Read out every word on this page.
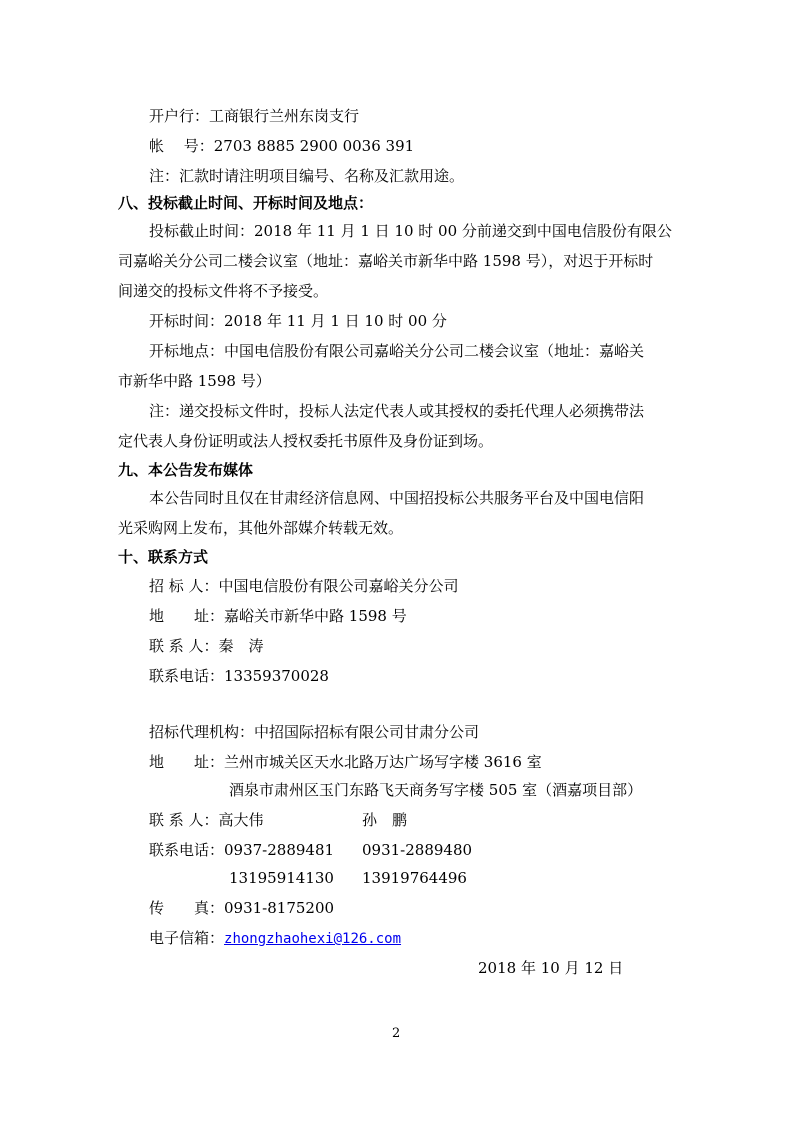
开户行：工商银行兰州东岗支行
帐　 号：2703 8885 2900 0036 391
注：汇款时请注明项目编号、名称及汇款用途。
八、投标截止时间、开标时间及地点：
投标截止时间：2018 年 11 月 1 日 10 时 00 分前递交到中国电信股份有限公
司嘉峪关分公司二楼会议室（地址：嘉峪关市新华中路 1598 号），对迟于开标时
间递交的投标文件将不予接受。
开标时间：2018 年 11 月 1 日 10 时 00 分
开标地点：中国电信股份有限公司嘉峪关分公司二楼会议室（地址：嘉峪关
市新华中路 1598 号）
注：递交投标文件时，投标人法定代表人或其授权的委托代理人必须携带法
定代表人身份证明或法人授权委托书原件及身份证到场。
九、本公告发布媒体
本公告同时且仅在甘肃经济信息网、中国招投标公共服务平台及中国电信阳
光采购网上发布，其他外部媒介转载无效。
十、联系方式
招 标 人：中国电信股份有限公司嘉峪关分公司
地　　址：嘉峪关市新华中路 1598 号
联 系 人：秦　涛
联系电话：13359370028
招标代理机构：中招国际招标有限公司甘肃分公司
地　　址：兰州市城关区天水北路万达广场写字楼 3616 室
酒泉市肃州区玉门东路飞天商务写字楼 505 室（酒嘉项目部）
联 系 人：高大伟	孙　鹏
联系电话：0937-2889481 0931-2889480
13195914130 13919764496
传　　真：0931-8175200
电子信箱：zhongzhaohexi@126.com
2018 年 10 月 12 日
2
